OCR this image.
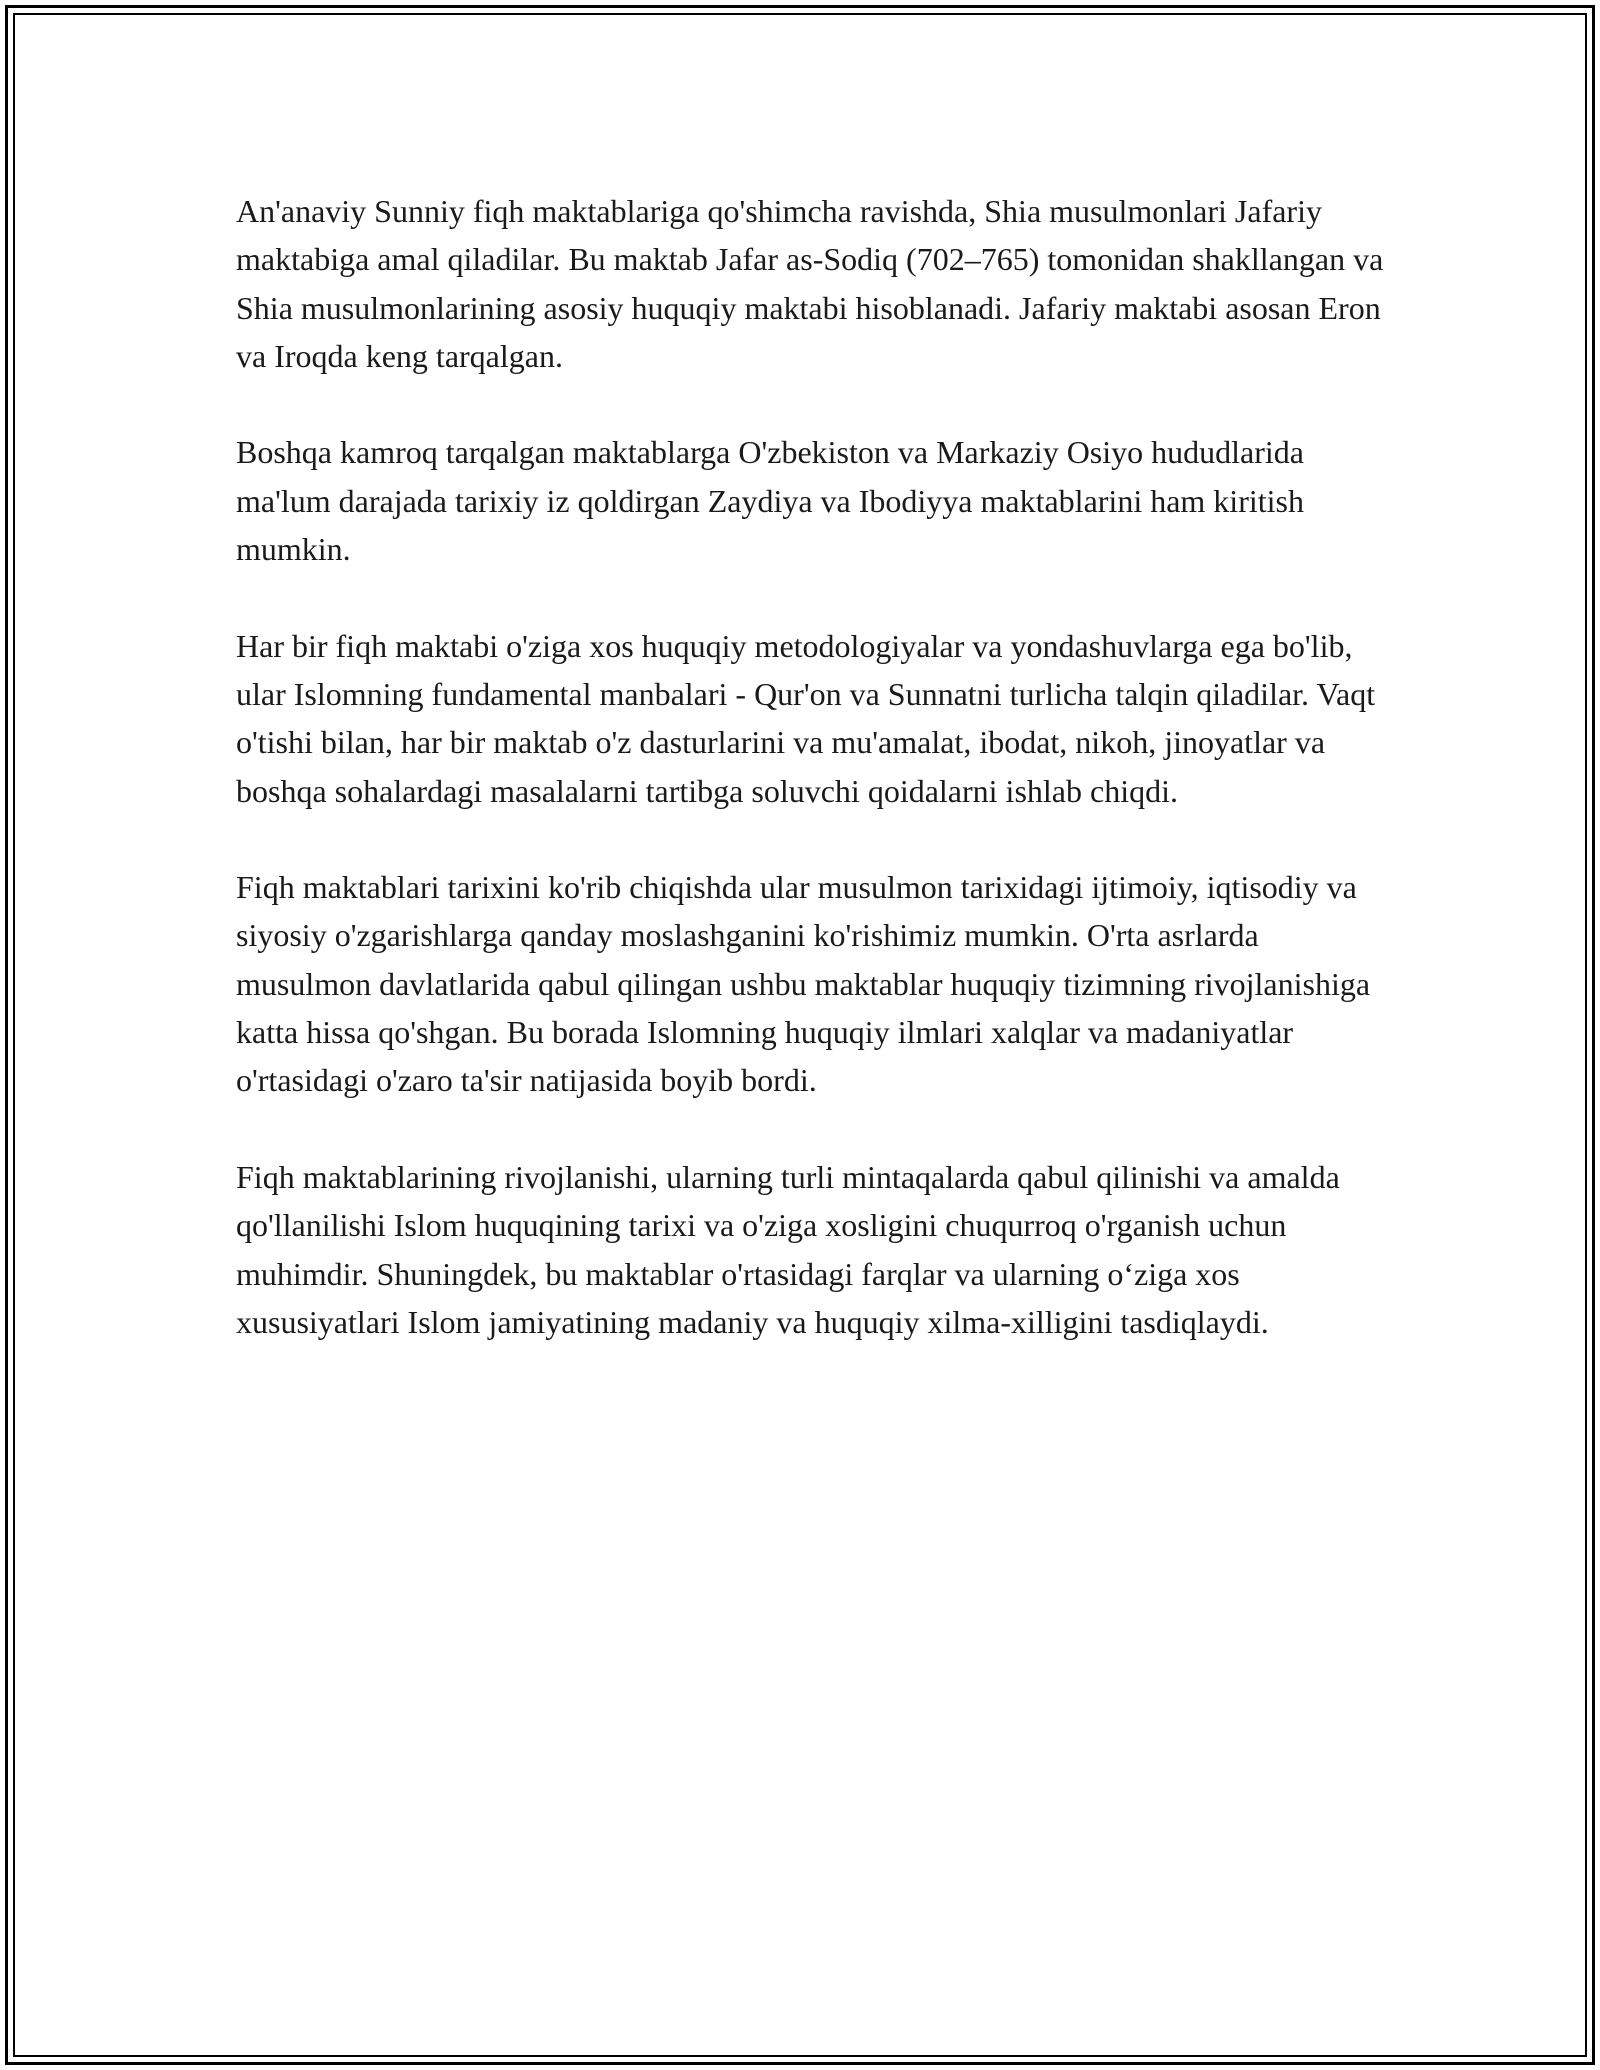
An'anaviy Sunniy fiqh maktablariga qo'shimcha ravishda, Shia musulmonlari Jafariy maktabiga amal qiladilar. Bu maktab Jafar as-Sodiq (702–765) tomonidan shakllangan va Shia musulmonlarining asosiy huquqiy maktabi hisoblanadi. Jafariy maktabi asosan Eron va Iroqda keng tarqalgan.

Boshqa kamroq tarqalgan maktablarga O'zbekiston va Markaziy Osiyo hududlarida ma'lum darajada tarixiy iz qoldirgan Zaydiya va Ibodiyya maktablarini ham kiritish mumkin.

Har bir fiqh maktabi o'ziga xos huquqiy metodologiyalar va yondashuvlarga ega bo'lib, ular Islomning fundamental manbalari - Qur'on va Sunnatni turlicha talqin qiladilar. Vaqt o'tishi bilan, har bir maktab o'z dasturlarini va mu'amalat, ibodat, nikoh, jinoyatlar va boshqa sohalardagi masalalarni tartibga soluvchi qoidalarni ishlab chiqdi.

Fiqh maktablari tarixini ko'rib chiqishda ular musulmon tarixidagi ijtimoiy, iqtisodiy va siyosiy o'zgarishlarga qanday moslashganini ko'rishimiz mumkin. O'rta asrlarda musulmon davlatlarida qabul qilingan ushbu maktablar huquqiy tizimning rivojlanishiga katta hissa qo'shgan. Bu borada Islomning huquqiy ilmlari xalqlar va madaniyatlar o'rtasidagi o'zaro ta'sir natijasida boyib bordi.

Fiqh maktablarining rivojlanishi, ularning turli mintaqalarda qabul qilinishi va amalda qo'llanilishi Islom huquqining tarixi va o'ziga xosligini chuqurroq o'rganish uchun muhimdir. Shuningdek, bu maktablar o'rtasidagi farqlar va ularning o‘ziga xos xususiyatlari Islom jamiyatining madaniy va huquqiy xilma-xilligini tasdiqlaydi.
